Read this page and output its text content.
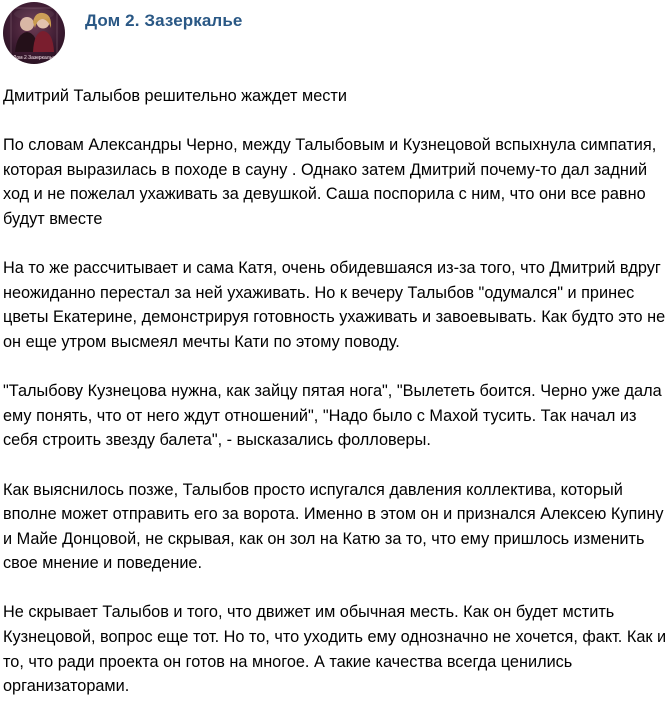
Дом 2 Зазеркалье
Дом 2. Зазеркалье

Дмитрий Талыбов решительно жаждет мести

По словам Александры Черно, между Талыбовым и Кузнецовой вспыхнула симпатия, которая выразилась в походе в сауну . Однако затем Дмитрий почему-то дал задний ход и не пожелал ухаживать за девушкой. Саша поспорила с ним, что они все равно будут вместе

На то же рассчитывает и сама Катя, очень обидевшаяся из-за того, что Дмитрий вдруг неожиданно перестал за ней ухаживать. Но к вечеру Талыбов "одумался" и принес цветы Екатерине, демонстрируя готовность ухаживать и завоевывать. Как будто это не он еще утром высмеял мечты Кати по этому поводу.

"Талыбову Кузнецова нужна, как зайцу пятая нога", "Вылететь боится. Черно уже дала ему понять, что от него ждут отношений", "Надо было с Махой тусить. Так начал из себя строить звезду балета", - высказались фолловеры.

Как выяснилось позже, Талыбов просто испугался давления коллектива, который вполне может отправить его за ворота. Именно в этом он и признался Алексею Купину и Майе Донцовой, не скрывая, как он зол на Катю за то, что ему пришлось изменить свое мнение и поведение.

Не скрывает Талыбов и того, что движет им обычная месть. Как он будет мстить Кузнецовой, вопрос еще тот. Но то, что уходить ему однозначно не хочется, факт. Как и то, что ради проекта он готов на многое. А такие качества всегда ценились организаторами.
